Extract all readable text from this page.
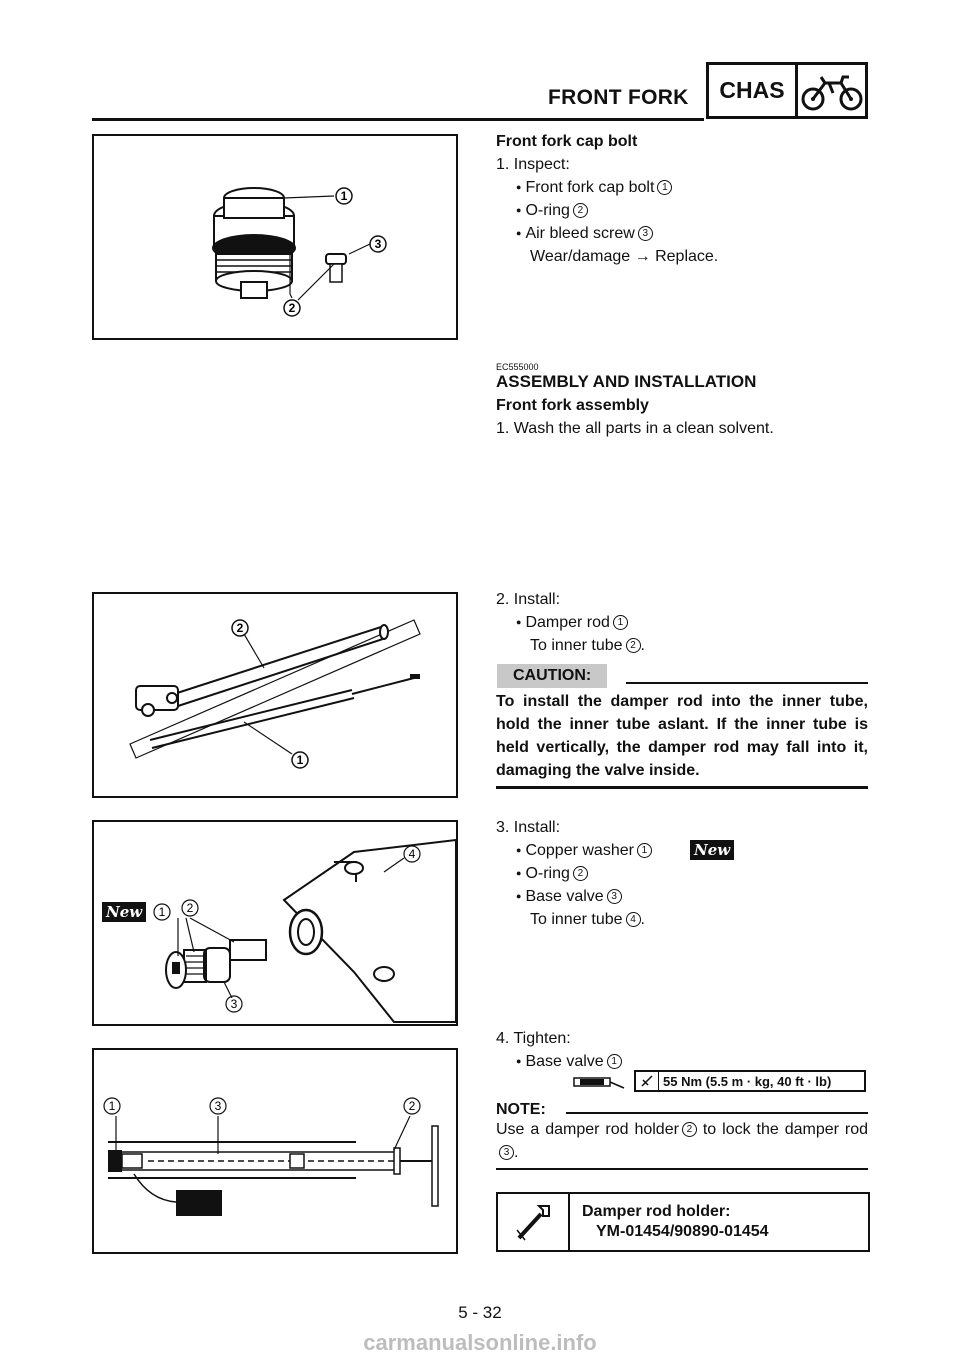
FRONT FORK	CHAS
1
2
3
Front fork cap bolt
1. Inspect:
● Front fork cap bolt 1
● O-ring 2
● Air bleed screw 3
Wear/damage → Replace.
EC555000
ASSEMBLY AND INSTALLATION
Front fork assembly
1. Wash the all parts in a clean solvent.
2
1
2. Install:
● Damper rod 1
To inner tube 2 .
CAUTION:
To install the damper rod into the inner tube, hold the inner tube aslant. If the inner tube is held vertically, the damper rod may fall into it, damaging the valve inside.
4
1 2
3
New
3. Install:
● Copper washer 1	New
● O-ring 2
● Base valve 3
To inner tube 4 .
1	3	2
4. Tighten:
● Base valve 1
55 Nm (5.5 m · kg, 40 ft · lb)
NOTE:
Use a damper rod holder 2 to lock the damper rod3 .
Damper rod holder:
YM-01454/90890-01454
5 - 32
carmanualsonline.info
